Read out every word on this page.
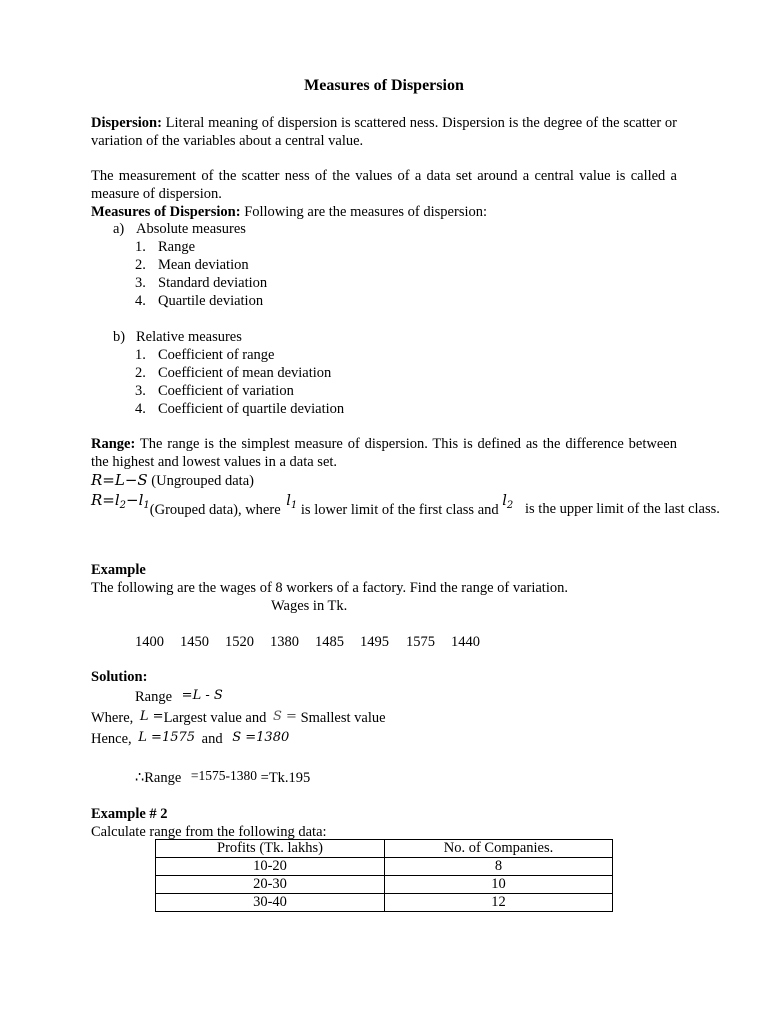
Measures of Dispersion

Dispersion: Literal meaning of dispersion is scattered ness. Dispersion is the degree of the scatter or variation of the variables about a central value.

The measurement of the scatter ness of the values of a data set around a central value is called a measure of dispersion.

Measures of Dispersion: Following are the measures of dispersion:

a) Absolute measures
1. Range
2. Mean deviation
3. Standard deviation
4. Quartile deviation
b) Relative measures
1. Coefficient of range
2. Coefficient of mean deviation
3. Coefficient of variation
4. Coefficient of quartile deviation

Range: The range is the simplest measure of dispersion. This is defined as the difference between the highest and lowest values in a data set.

R=L−S (Ungrouped data)
$R=l_2-l_1(Grouped$ data), where $l_1$ is lower limit of the first class and $l_2$ is the upper limit of the last class.
Example
The following are the wages of 8 workers of a factory. Find the range of variation.
Wages in Tk.
1400 1450 1520 1380 1485 1495 1575 1440
Solution:
Range =L - S
Where, L =Largest value and S = Smallest value
Hence, L =1575 and S =1380
∴Range =1575-1380 =Tk.195
Example # 2
Calculate range from the following data:
Profits (Tk. lakhs)	No. of Companies.
10-20	8
20-30	10
30-40	12
